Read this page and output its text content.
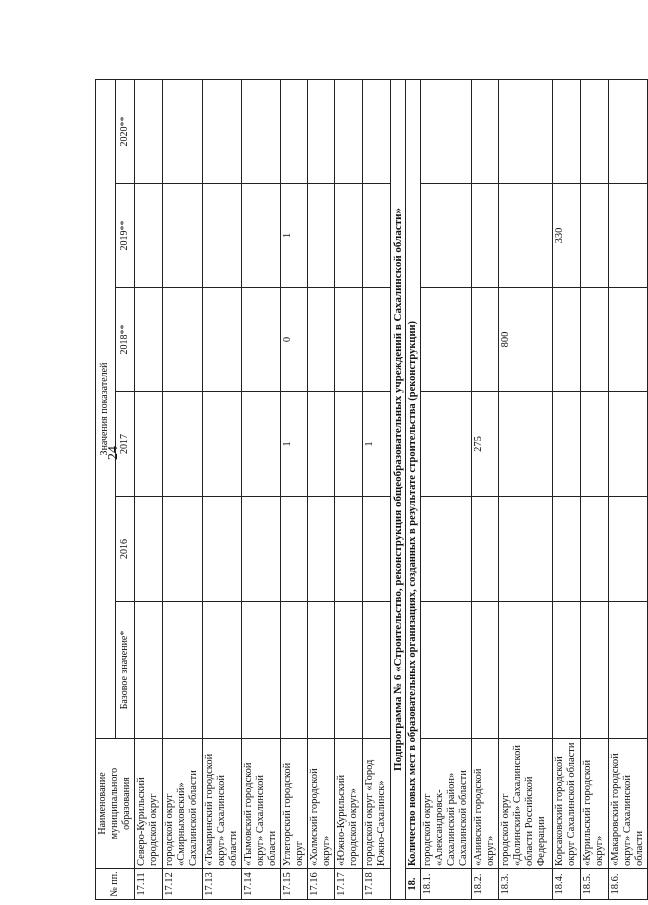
24
№ пп.	Наименование муниципального образования	Значения показателей					
		Базовое значение*	2016	2017	2018**	2019**	2020**
17.11	Северо-Курильский городской округ						
17.12	городской округ «Смирныховский» Сахалинской области						
17.13	«Томаринский городской округ» Сахалинской области						
17.14	«Тымовский городской округ» Сахалинской области						
17.15	Углегорский городской округ			1	0	1	
17.16	«Холмский городской округ»						
17.17	«Южно-Курильский городской округ»						
17.18	городской округ «Город Южно-Сахалинск»			1			
Подпрограмма № 6 «Строительство, реконструкция общеобразовательных учреждений в Сахалинской области»							
18.	Количество новых мест в образовательных организациях, созданных в результате строительства (реконструкции)						
18.1.	городской округ «Александровск-Сахалинский район» Сахалинской области						
18.2.	«Анивский городской округ»			275			
18.3.	городской округ «Долинский» Сахалинской области Российской Федерации				800		
18.4.	Корсаковский городской округ Сахалинской области					330	
18.5.	«Курильский городской округ»						
18.6.	«Макаровский городской округ» Сахалинской области						
